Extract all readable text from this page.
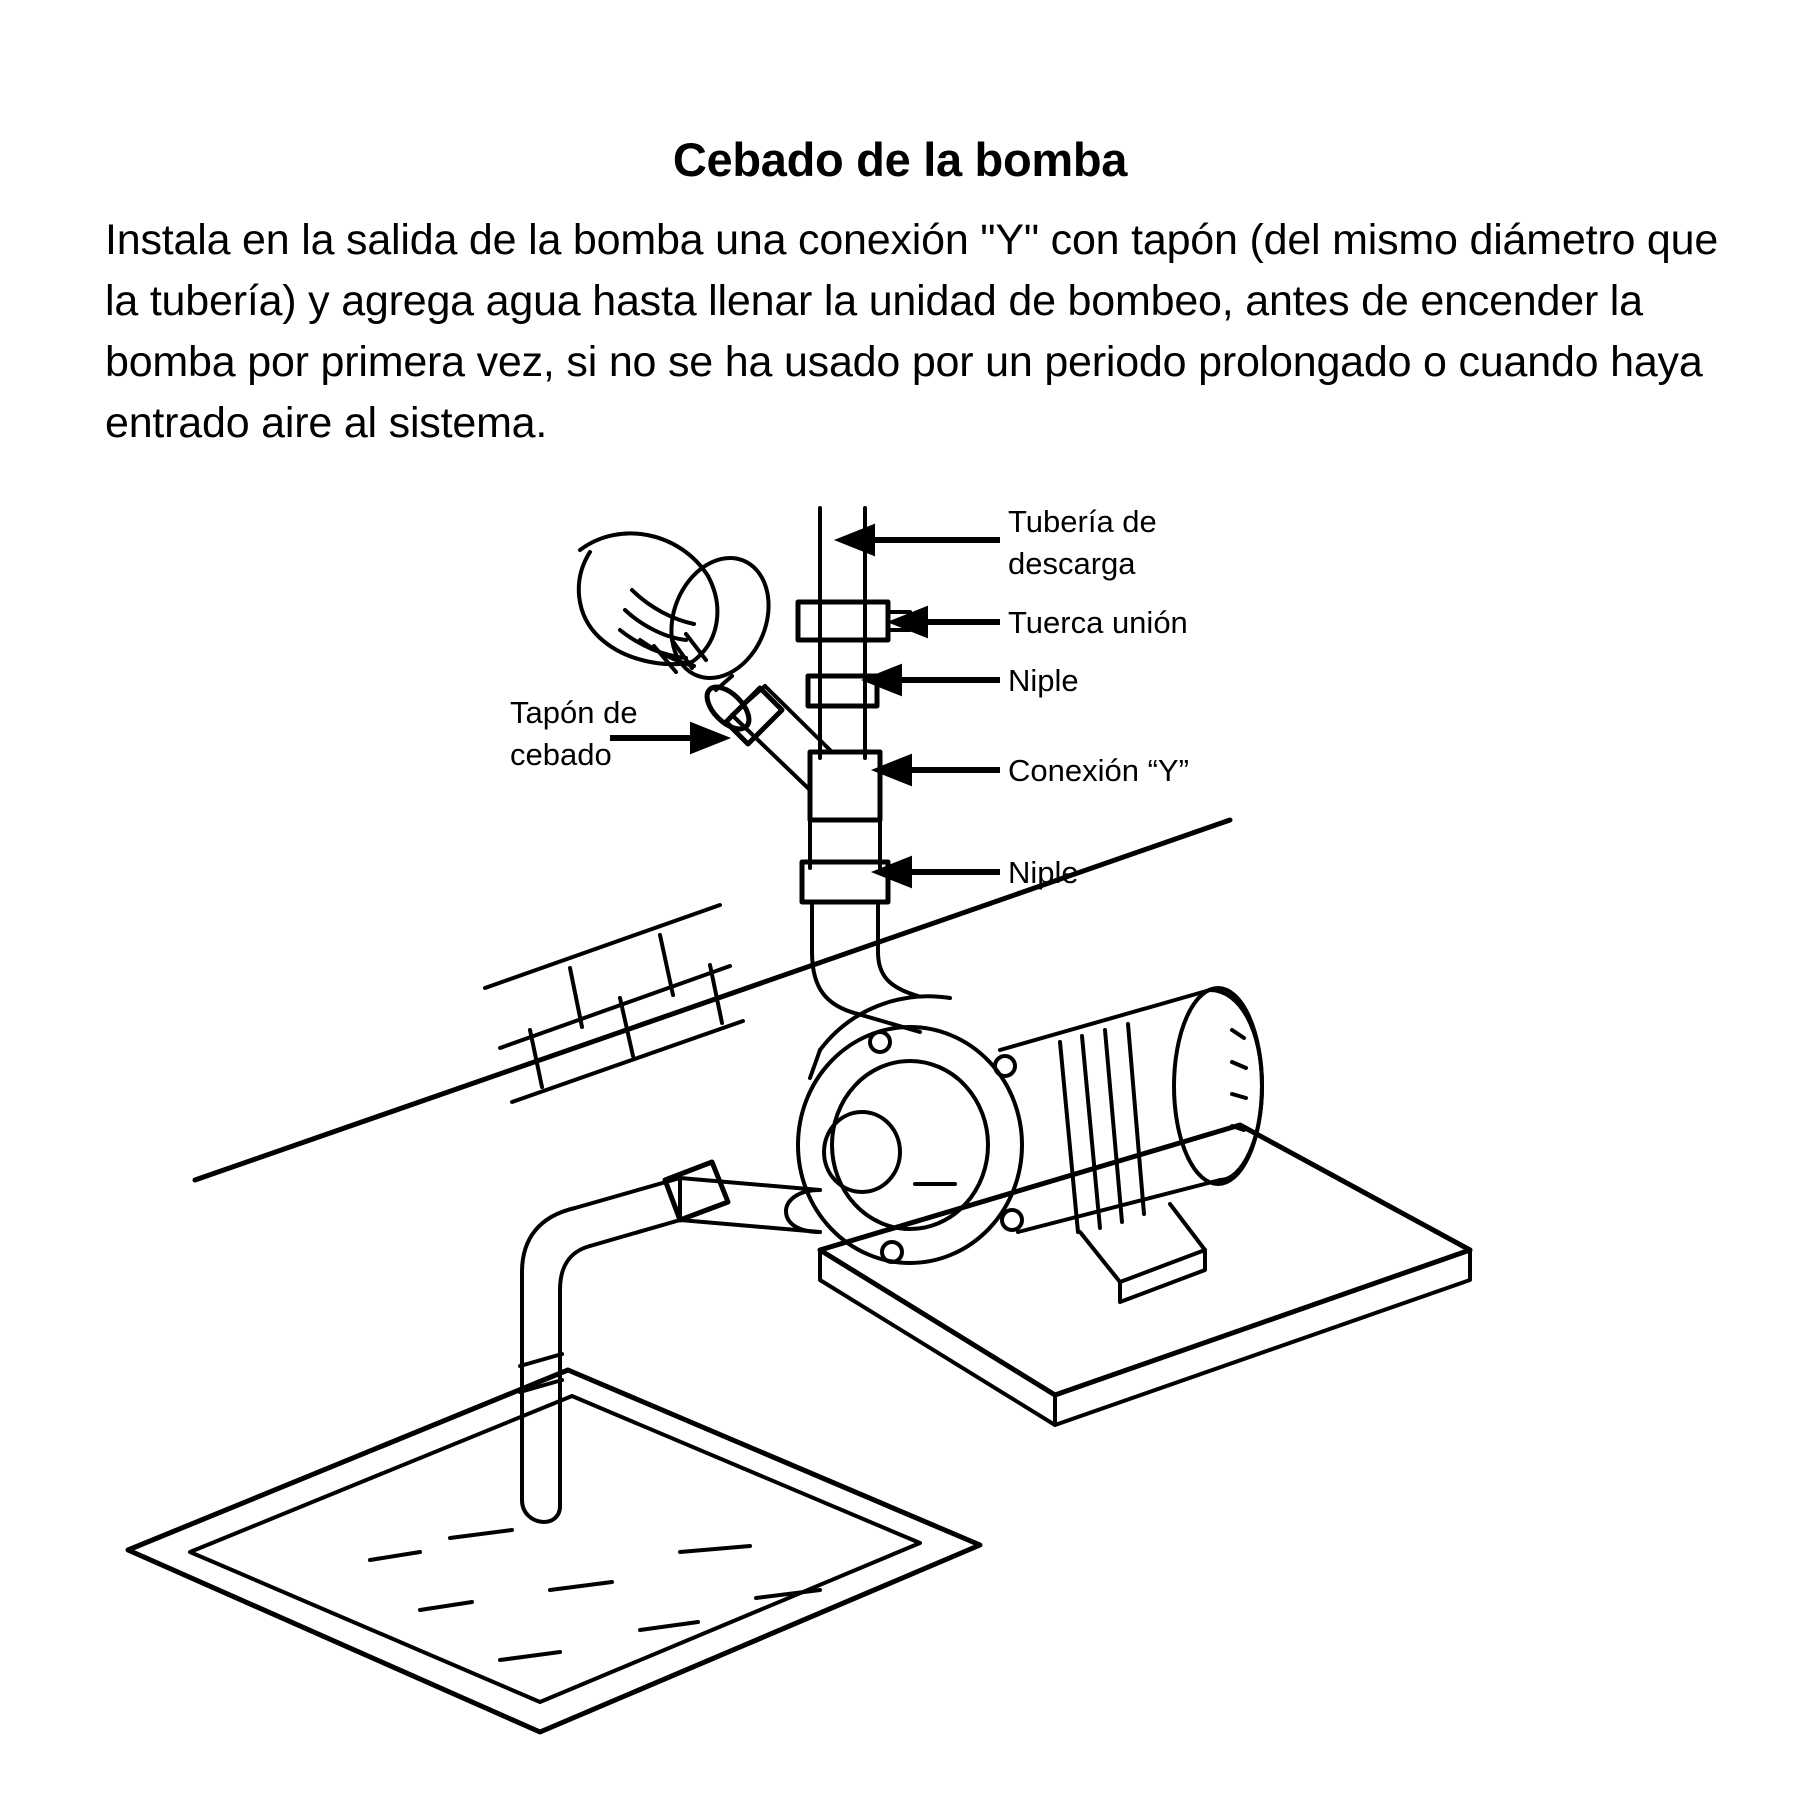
Cebado de la bomba
Instala en la salida de la bomba una conexión "Y" con tapón (del mismo diámetro que la tubería) y agrega agua hasta llenar la unidad de bombeo, antes de encender la bomba por primera vez, si no se ha usado por un periodo prolongado o cuando haya entrado aire al sistema.
Tubería de
descarga
Tuerca unión
Niple
Conexión “Y”
Niple
Tapón de
cebado
